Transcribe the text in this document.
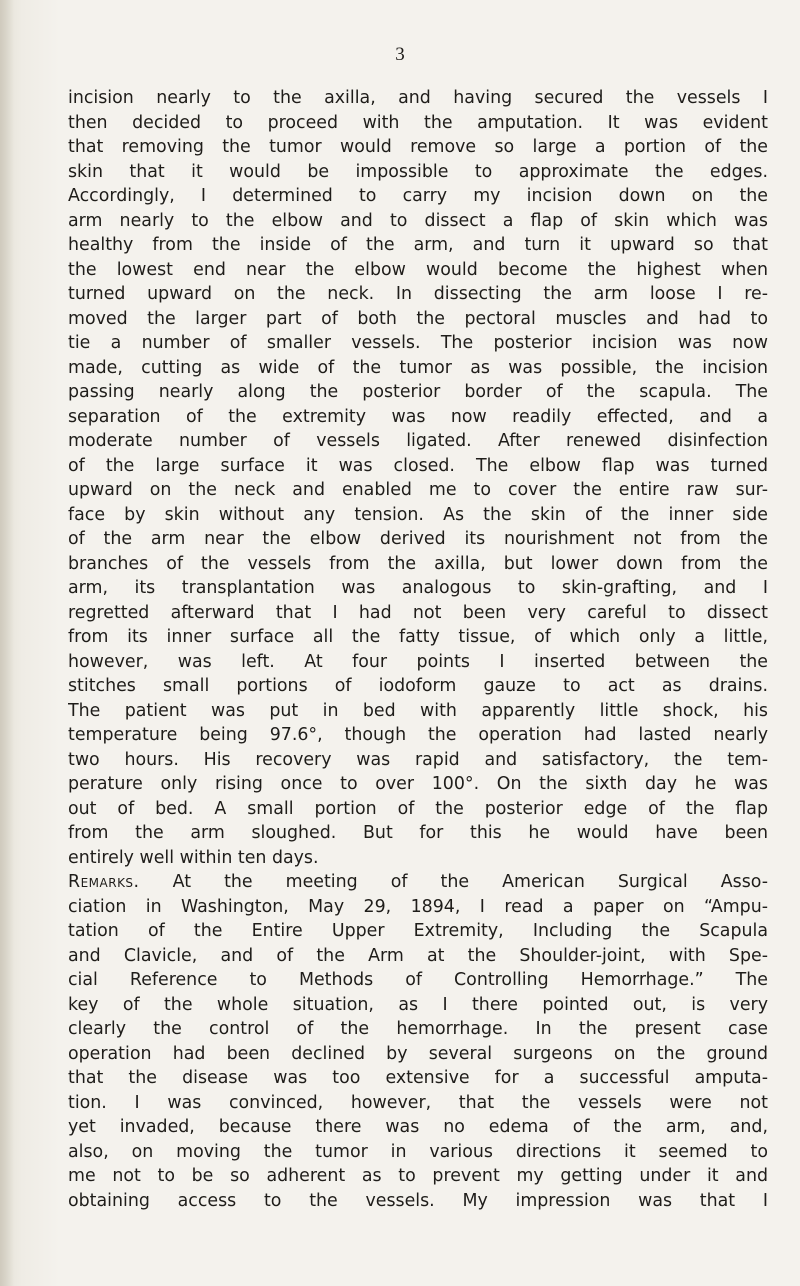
3
incision nearly to the axilla, and having secured the vessels I
then decided to proceed with the amputation. It was evident
that removing the tumor would remove so large a portion of the
skin that it would be impossible to approximate the edges.
Accordingly, I determined to carry my incision down on the
arm nearly to the elbow and to dissect a flap of skin which was
healthy from the inside of the arm, and turn it upward so that
the lowest end near the elbow would become the highest when
turned upward on the neck. In dissecting the arm loose I re-
moved the larger part of both the pectoral muscles and had to
tie a number of smaller vessels. The posterior incision was now
made, cutting as wide of the tumor as was possible, the incision
passing nearly along the posterior border of the scapula. The
separation of the extremity was now readily effected, and a
moderate number of vessels ligated. After renewed disinfection
of the large surface it was closed. The elbow flap was turned
upward on the neck and enabled me to cover the entire raw sur-
face by skin without any tension. As the skin of the inner side
of the arm near the elbow derived its nourishment not from the
branches of the vessels from the axilla, but lower down from the
arm, its transplantation was analogous to skin-grafting, and I
regretted afterward that I had not been very careful to dissect
from its inner surface all the fatty tissue, of which only a little,
however, was left. At four points I inserted between the
stitches small portions of iodoform gauze to act as drains.
The patient was put in bed with apparently little shock, his
temperature being 97.6°, though the operation had lasted nearly
two hours. His recovery was rapid and satisfactory, the tem-
perature only rising once to over 100°. On the sixth day he was
out of bed. A small portion of the posterior edge of the flap
from the arm sloughed. But for this he would have been
entirely well within ten days.
Remarks. At the meeting of the American Surgical Asso-
ciation in Washington, May 29, 1894, I read a paper on “Ampu-
tation of the Entire Upper Extremity, Including the Scapula
and Clavicle, and of the Arm at the Shoulder-joint, with Spe-
cial Reference to Methods of Controlling Hemorrhage.” The
key of the whole situation, as I there pointed out, is very
clearly the control of the hemorrhage. In the present case
operation had been declined by several surgeons on the ground
that the disease was too extensive for a successful amputa-
tion. I was convinced, however, that the vessels were not
yet invaded, because there was no edema of the arm, and,
also, on moving the tumor in various directions it seemed to
me not to be so adherent as to prevent my getting under it and
obtaining access to the vessels. My impression was that I
